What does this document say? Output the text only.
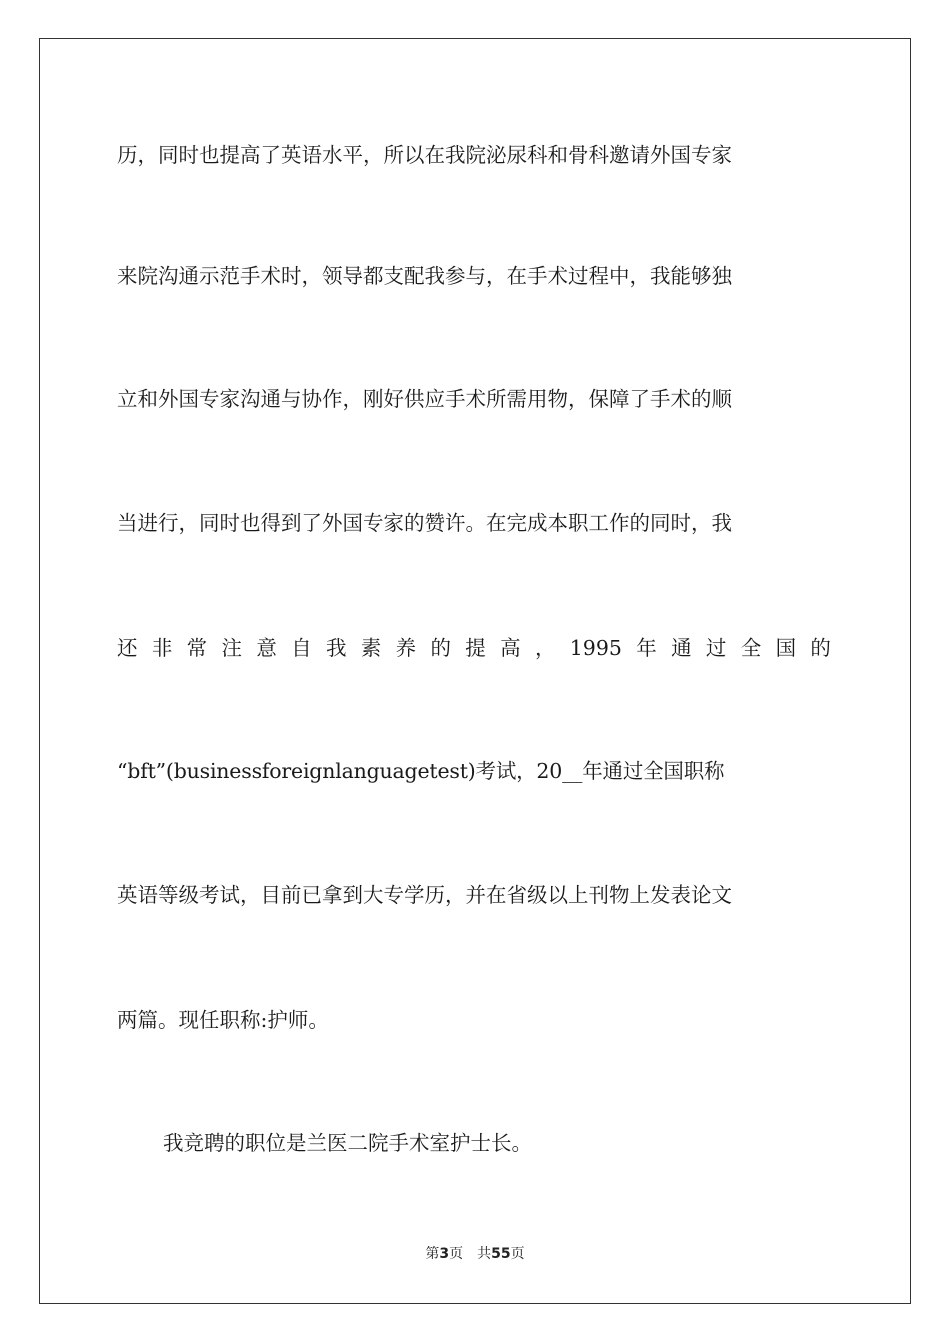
历，同时也提高了英语水平，所以在我院泌尿科和骨科邀请外国专家

来院沟通示范手术时，领导都支配我参与，在手术过程中，我能够独

立和外国专家沟通与协作，刚好供应手术所需用物，保障了手术的顺

当进行，同时也得到了外国专家的赞许。在完成本职工作的同时，我

还 非 常 注 意 自 我 素 养 的 提 高 ， 1995 年 通 过 全 国 的

“bft”(businessforeignlanguagetest)考试，20__年通过全国职称

英语等级考试，目前已拿到大专学历，并在省级以上刊物上发表论文

两篇。现任职称:护师。

我竞聘的职位是兰医二院手术室护士长。

第3页 共55页
